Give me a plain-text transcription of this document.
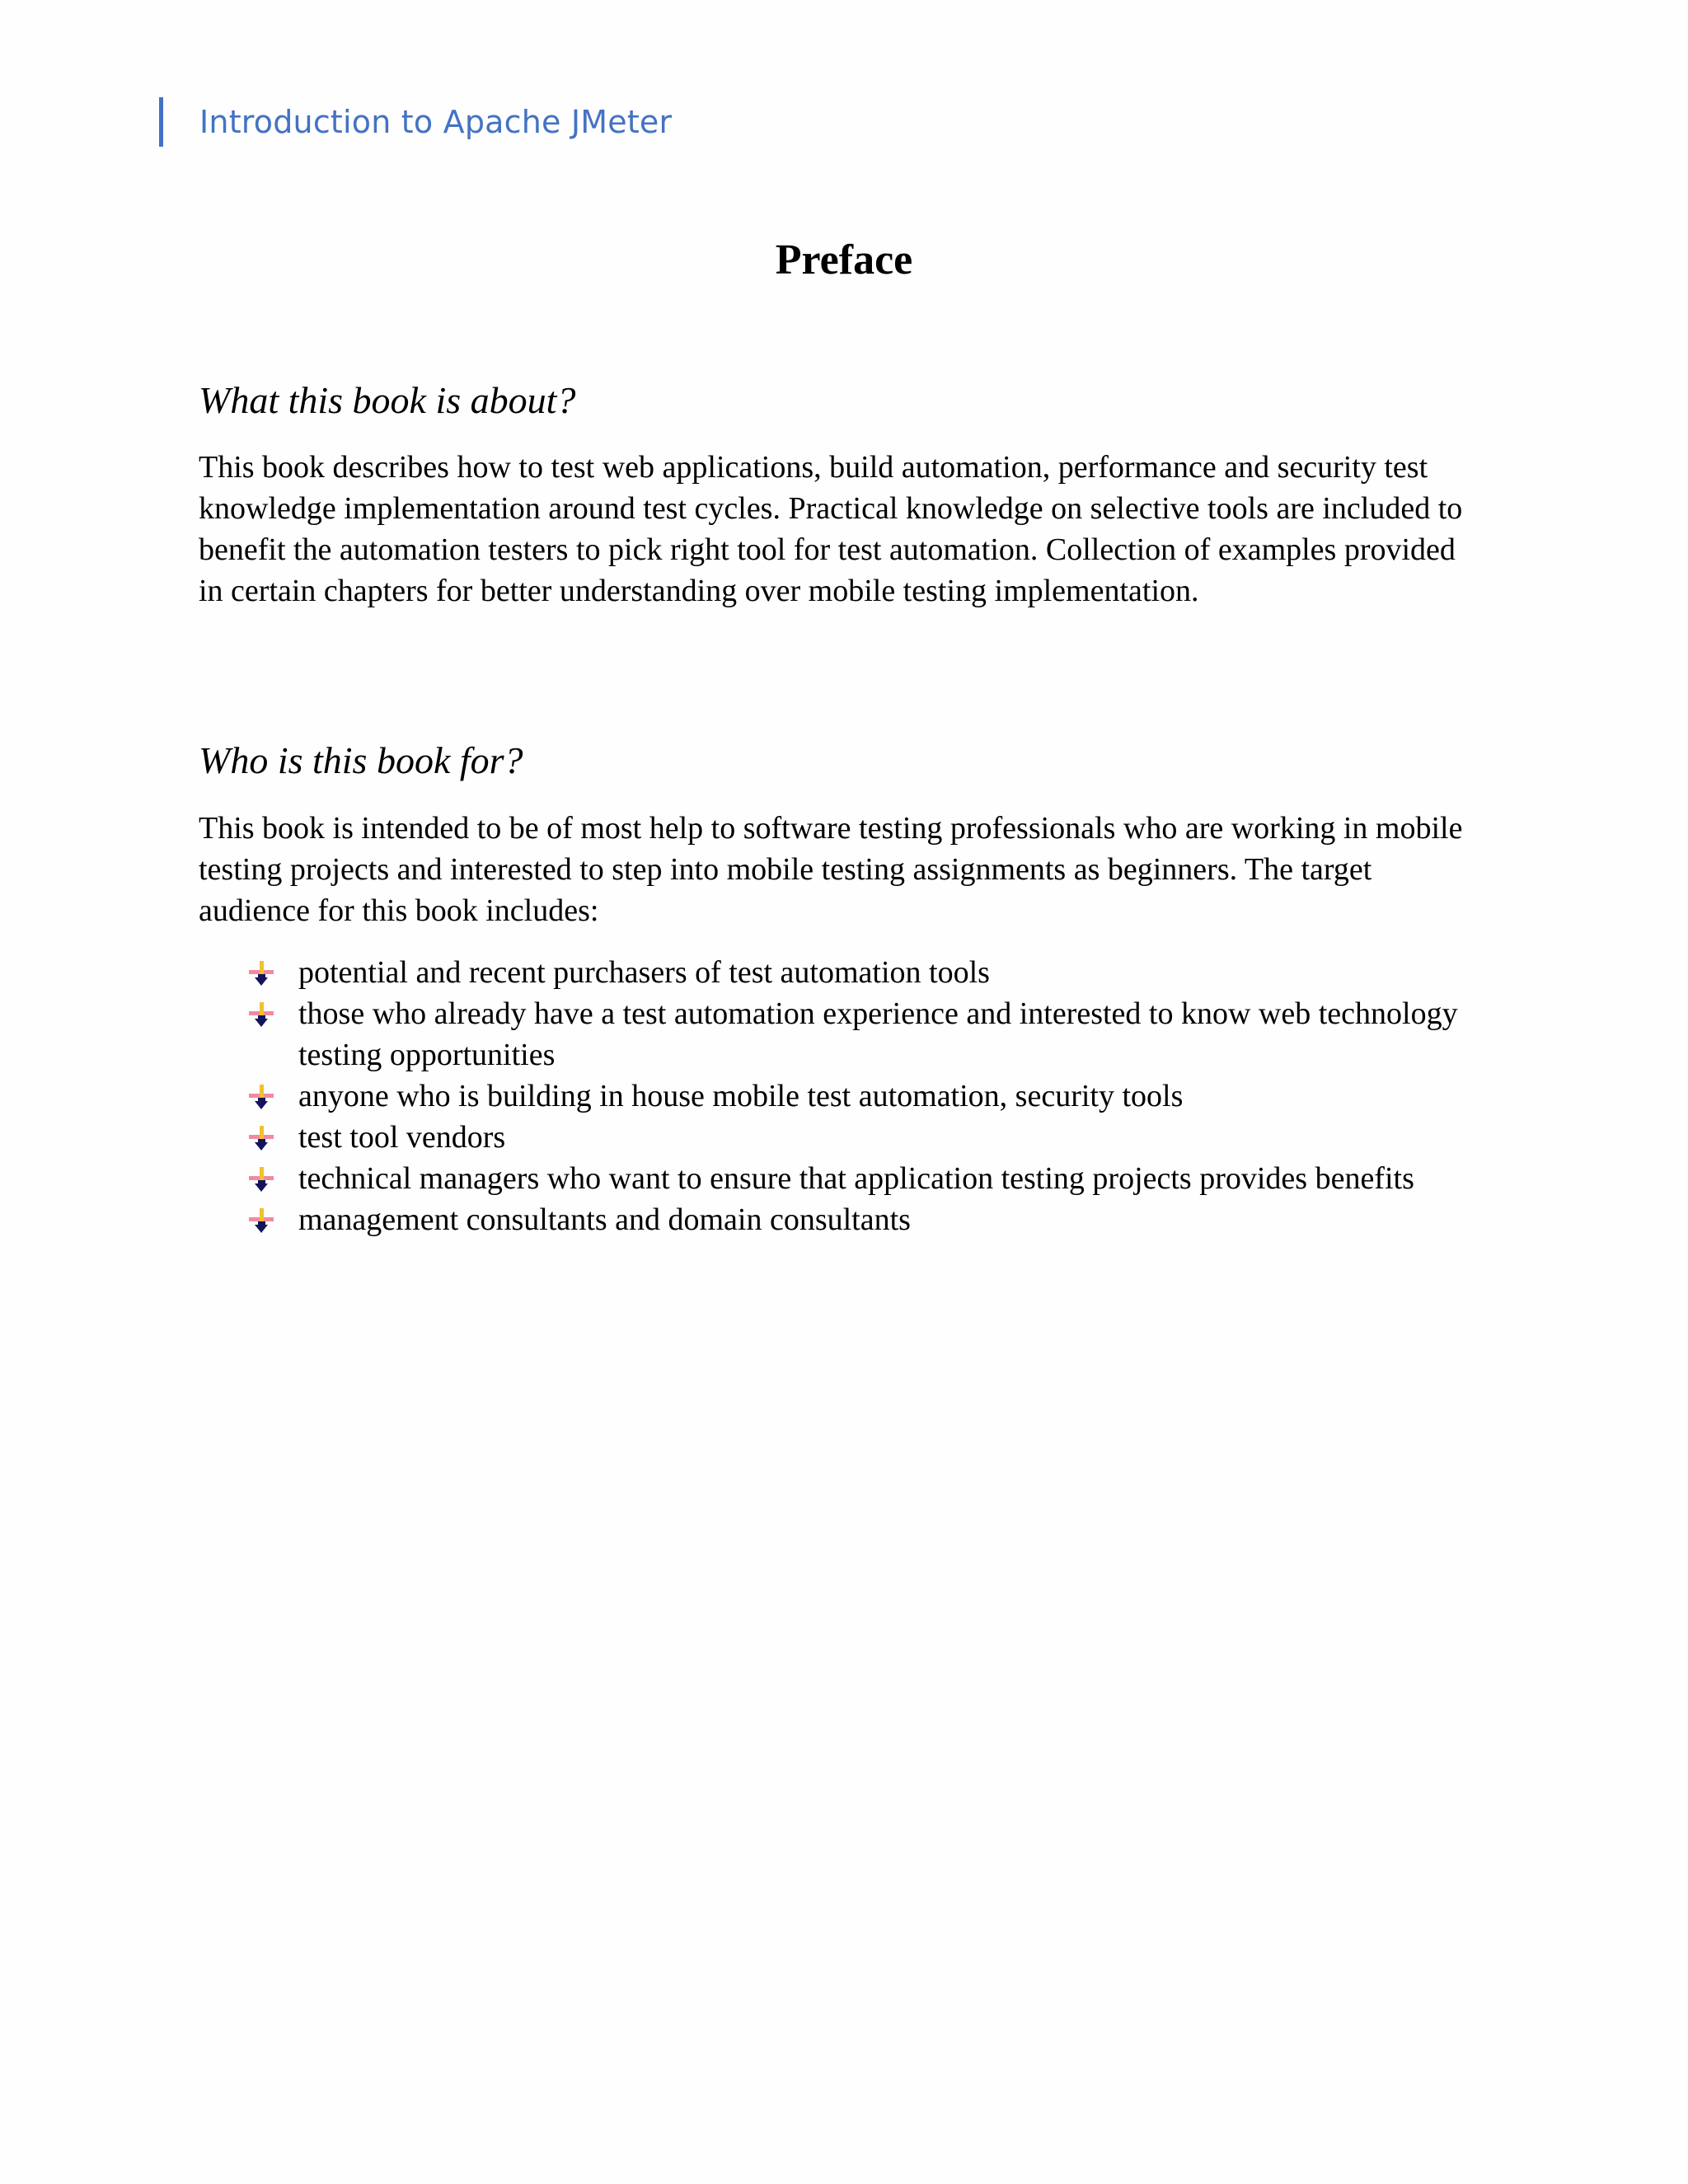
Introduction to Apache JMeter
Preface
What this book is about?

This book describes how to test web applications, build automation, performance and security test knowledge implementation around test cycles. Practical knowledge on selective tools are included to benefit the automation testers to pick right tool for test automation. Collection of examples provided in certain chapters for better understanding over mobile testing implementation.

Who is this book for?

This book is intended to be of most help to software testing professionals who are working in mobile testing projects and interested to step into mobile testing assignments as beginners. The target audience for this book includes:

potential and recent purchasers of test automation tools
those who already have a test automation experience and interested to know web technology testing opportunities
anyone who is building in house mobile test automation, security tools
test tool vendors
technical managers who want to ensure that application testing projects provides benefits
management consultants and domain consultants
